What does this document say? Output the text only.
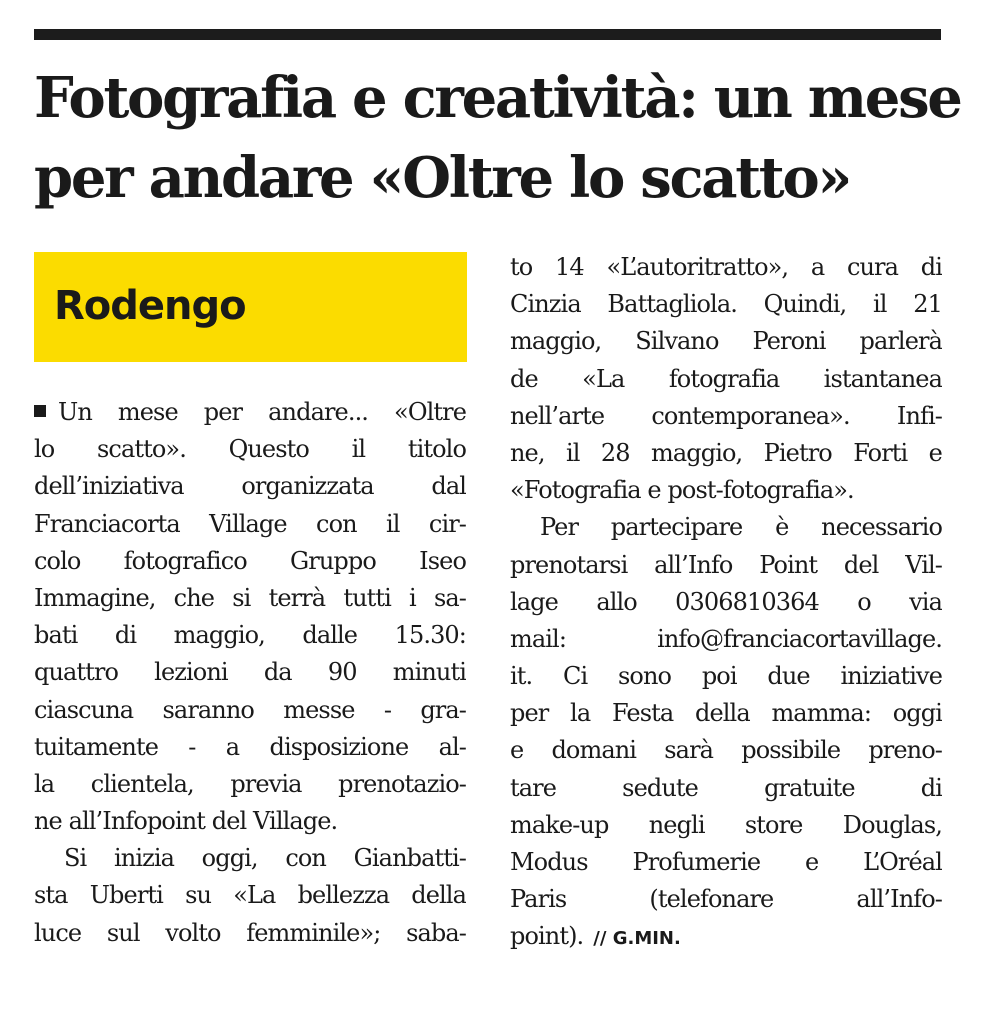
Fotografia e creatività: un mese
per andare «Oltre lo scatto»
Rodengo
Un mese per andare... «Oltre
lo scatto». Questo il titolo
dell’iniziativa organizzata dal
Franciacorta Village con il cir-
colo fotografico Gruppo Iseo
Immagine, che si terrà tutti i sa-
bati di maggio, dalle 15.30:
quattro lezioni da 90 minuti
ciascuna saranno messe - gra-
tuitamente - a disposizione al-
la clientela, previa prenotazio-
ne all’Infopoint del Village.
Si inizia oggi, con Gianbatti-
sta Uberti su «La bellezza della
luce sul volto femminile»; saba-
to 14 «L’autoritratto», a cura di
Cinzia Battagliola. Quindi, il 21
maggio, Silvano Peroni parlerà
de «La fotografia istantanea
nell’arte contemporanea». Infi-
ne, il 28 maggio, Pietro Forti e
«Fotografia e post-fotografia».
Per partecipare è necessario
prenotarsi all’Info Point del Vil-
lage allo 0306810364 o via
mail: info@franciacortavillage.
it. Ci sono poi due iniziative
per la Festa della mamma: oggi
e domani sarà possibile preno-
tare sedute gratuite di
make-up negli store Douglas,
Modus Profumerie e L’Oréal
Paris (telefonare all’Info-
point). // G.MIN.
